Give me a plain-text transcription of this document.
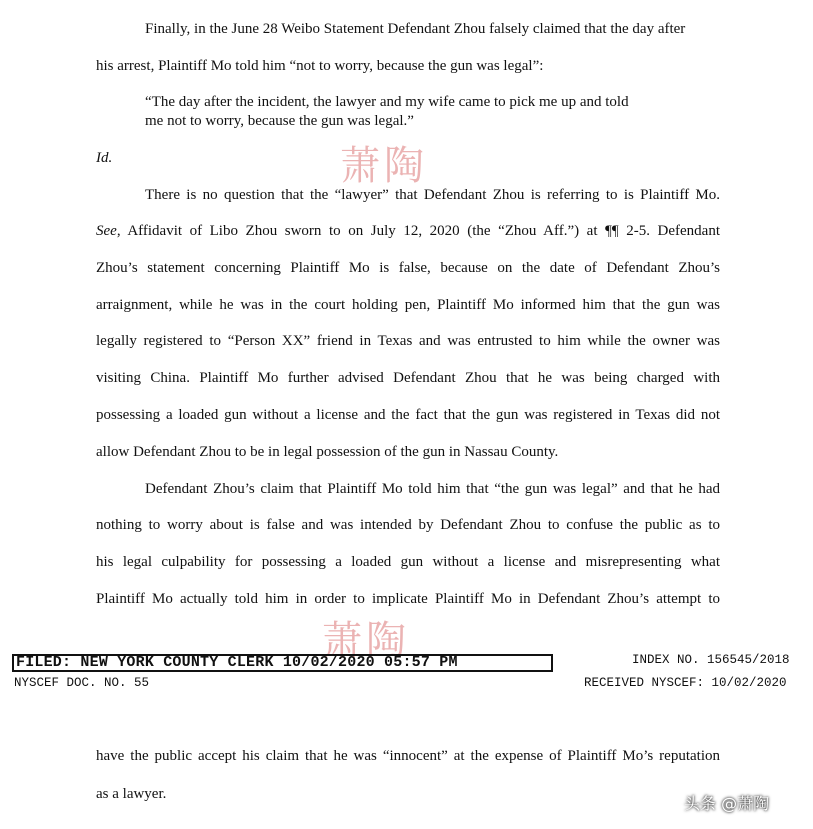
Finally, in the June 28 Weibo Statement Defendant Zhou falsely claimed that the day after
his arrest, Plaintiff Mo told him “not to worry, because the gun was legal”:
“The day after the incident, the lawyer and my wife came to pick me up and told
me not to worry, because the gun was legal.”
Id.
There is no question that the “lawyer” that Defendant Zhou is referring to is Plaintiff Mo.
See, Affidavit of Libo Zhou sworn to on July 12, 2020 (the “Zhou Aff.”) at ¶¶ 2-5. Defendant
Zhou’s statement concerning Plaintiff Mo is false, because on the date of Defendant Zhou’s
arraignment, while he was in the court holding pen, Plaintiff Mo informed him that the gun was
legally registered to “Person XX” friend in Texas and was entrusted to him while the owner was
visiting China. Plaintiff Mo further advised Defendant Zhou that he was being charged with
possessing a loaded gun without a license and the fact that the gun was registered in Texas did not
allow Defendant Zhou to be in legal possession of the gun in Nassau County.
Defendant Zhou’s claim that Plaintiff Mo told him that “the gun was legal” and that he had
nothing to worry about is false and was intended by Defendant Zhou to confuse the public as to
his legal culpability for possessing a loaded gun without a license and misrepresenting what
Plaintiff Mo actually told him in order to implicate Plaintiff Mo in Defendant Zhou’s attempt to
萧陶
萧陶
FILED: NEW YORK COUNTY CLERK 10/02/2020 05:57 PM	INDEX NO. 156545/2018
NYSCEF DOC. NO. 55	RECEIVED NYSCEF: 10/02/2020
have the public accept his claim that he was “innocent” at the expense of Plaintiff Mo’s reputation
as a lawyer.	头条 @萧陶
